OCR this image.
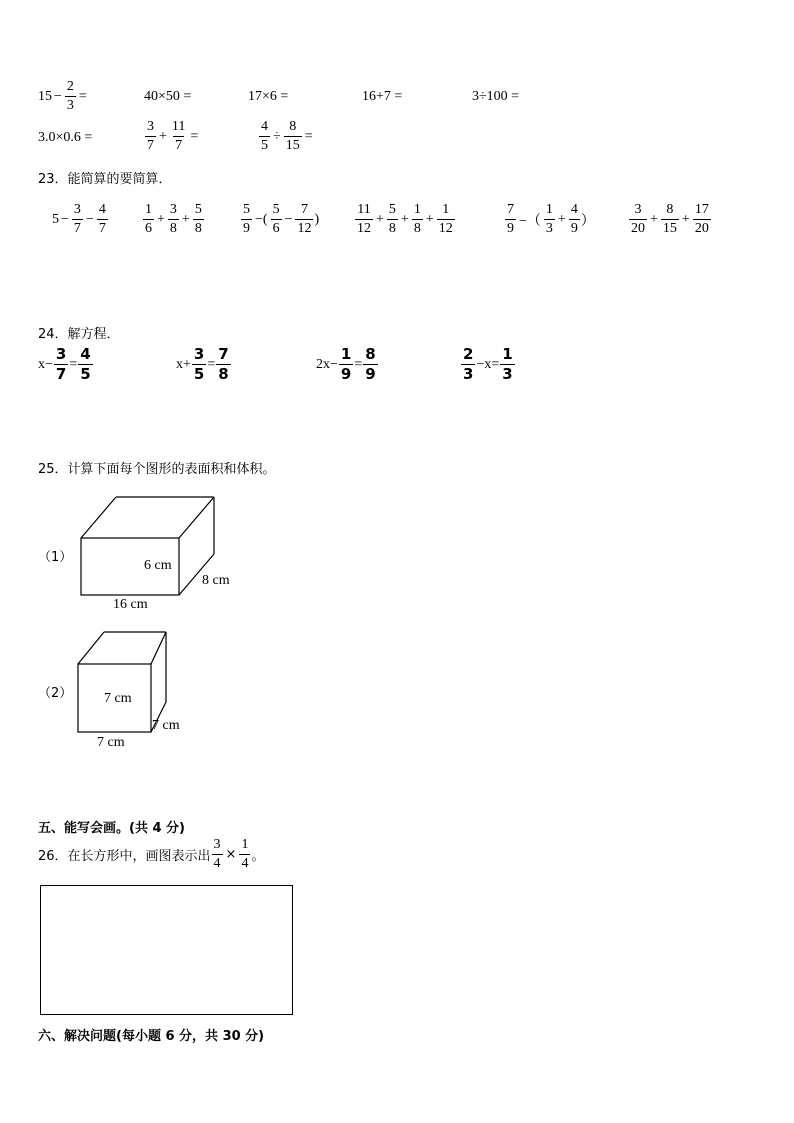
$15 - \frac{2}{3}$ =	40×50 =	17×6 =	16+7 =	3÷100 =
3.0×0.6 =	$\frac{3}{7} + \frac{11}{7}$ =	$\frac{4}{5} \div \frac{8}{15}$ =
23．能简算的要简算．
$5 - \frac{3}{7} - \frac{4}{7}$	$\frac{1}{6} + \frac{3}{8} + \frac{5}{8}$	$\frac{5}{9}$ −( $\frac{5}{6} - \frac{7}{12}$ )	$\frac{11}{12} + \frac{5}{8} + \frac{1}{8} + \frac{1}{12}$	$\frac{7}{9}$ −（ $\frac{1}{3} + \frac{4}{9}$ ） $\frac{3}{20} + \frac{8}{15} + \frac{17}{20}$
24．解方程．
$x- \frac{3}{7} = \frac{4}{5}$	$x+ \frac{3}{5} = \frac{7}{8}$	$2x- \frac{1}{9} = \frac{8}{9}$	$\frac{2}{3} -x= \frac{1}{3}$
25．计算下面每个图形的表面积和体积。
（1）
6 cm
8 cm
16 cm
（2） 7 cm
7 cm
7 cm
五、能写会画。(共 4 分)
26．在长方形中，画图表示出 $\frac{3}{4} \times \frac{1}{4}$ 。
六、解决问题(每小题 6 分，共 30 分)
